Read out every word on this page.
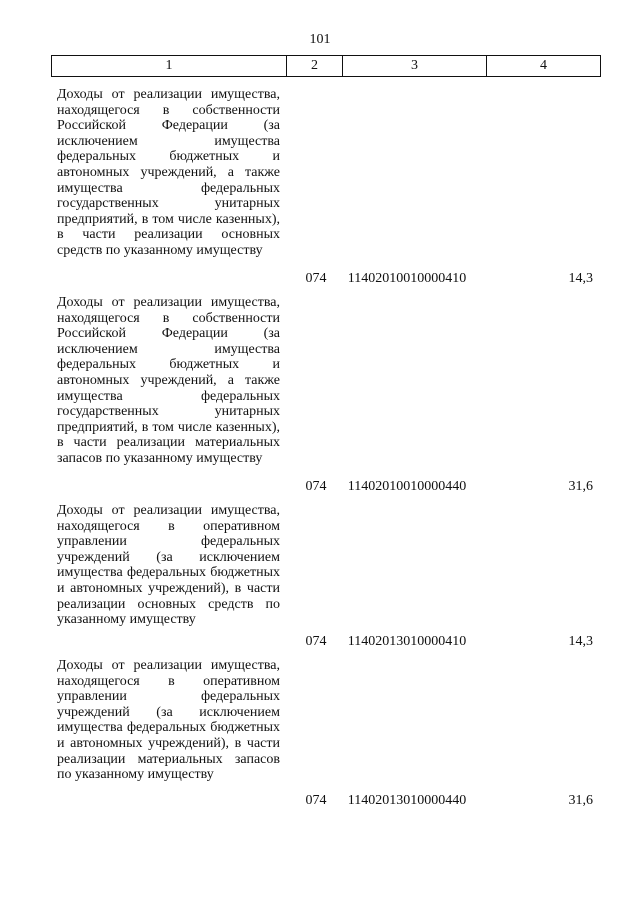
101
1	2	3	4

Доходы от реализации имущества, находящегося в собственности Российской Федерации (за исключением имущества федеральных бюджетных и автономных учреждений, а также имущества федеральных государственных унитарных предприятий, в том числе казенных), в части реализации основных средств по указанному имуществу

074	11402010010000410	14,3

Доходы от реализации имущества, находящегося в собственности Российской Федерации (за исключением имущества федеральных бюджетных и автономных учреждений, а также имущества федеральных государственных унитарных предприятий, в том числе казенных), в части реализации материальных запасов по указанному имуществу

074	11402010010000440	31,6

Доходы от реализации имущества, находящегося в оперативном управлении федеральных учреждений (за исключением имущества федеральных бюджетных и автономных учреждений), в части реализации основных средств по указанному имуществу

074	11402013010000410	14,3

Доходы от реализации имущества, находящегося в оперативном управлении федеральных учреждений (за исключением имущества федеральных бюджетных и автономных учреждений), в части реализации материальных запасов по указанному имуществу

074	11402013010000440	31,6
